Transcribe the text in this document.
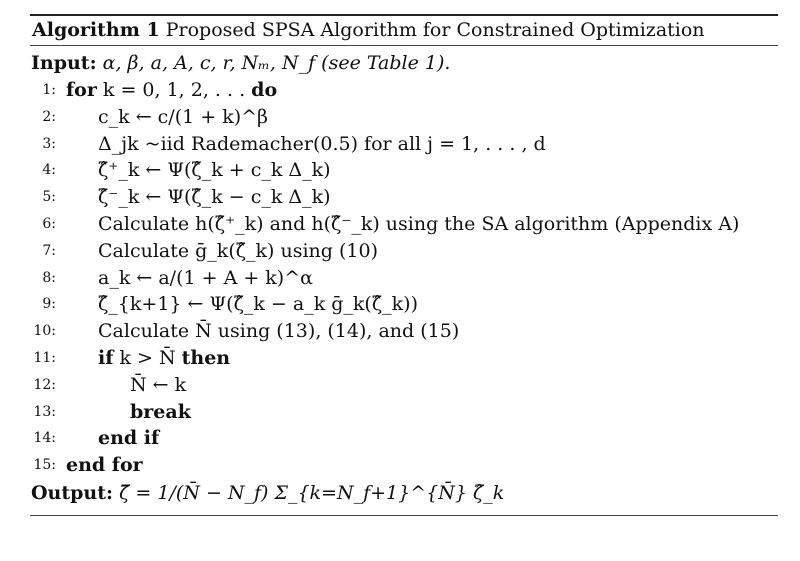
Algorithm 1 Proposed SPSA Algorithm for Constrained Optimization
Input: α, β, a, A, c, r, Nₘ, N_f (see Table 1).
1: for k = 0, 1, 2, . . . do
2: c_k ← c/(1 + k)^β
3: Δ_jk ~iid Rademacher(0.5) for all j = 1, . . . , d
4: ζ̂⁺_k ← Ψ(ζ̂_k + c_k Δ_k)
5: ζ̂⁻_k ← Ψ(ζ̂_k − c_k Δ_k)
6: Calculate h(ζ̂⁺_k) and h(ζ̂⁻_k) using the SA algorithm (Appendix A)
7: Calculate ḡ_k(ζ̂_k) using (10)
8: a_k ← a/(1 + A + k)^α
9: ζ̂_{k+1} ← Ψ(ζ̂_k − a_k ḡ_k(ζ̂_k))
10: Calculate N̄ using (13), (14), and (15)
11: if k > N̄ then
12:	N̄ ← k
13:	break
14: end if
15: end for
Output: ζ̄ = 1/(N̄ − N_f) Σ_{k=N_f+1}^{N̄} ζ̂_k
